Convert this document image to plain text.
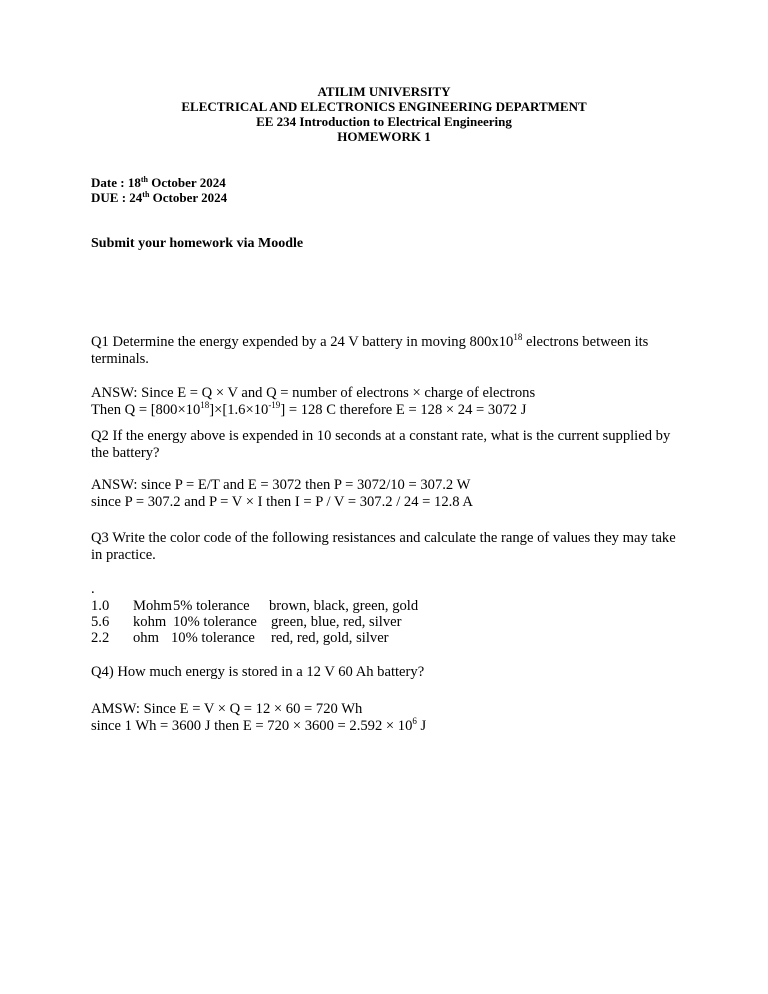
ATILIM UNIVERSITY
ELECTRICAL AND ELECTRONICS ENGINEERING DEPARTMENT
EE 234 Introduction to Electrical Engineering
HOMEWORK 1
Date : 18th October 2024
DUE : 24th October 2024
Submit your homework via Moodle

Q1 Determine the energy expended by a 24 V battery in moving $800x10^{18}$ electrons between its terminals.

ANSW: Since E = Q × V and Q = number of electrons × charge of electrons

Then $Q = [800\times 10^{18}]\times[1.6\times 10^{-19}] = 128$ C therefore E = 128 × 24 = 3072 J

Q2 If the energy above is expended in 10 seconds at a constant rate, what is the current supplied by the battery?

ANSW: since P = E/T and E = 3072 then P = 3072/10 = 307.2 W

since P = 307.2 and P = V × I then I = P / V = 307.2 / 24 = 12.8 A

Q3 Write the color code of the following resistances and calculate the range of values they may take in practice.

.
1.0	Mohm 5% tolerance	brown, black, green, gold
5.6	kohm 10% tolerance green, blue, red, silver
2.2	ohm 10% tolerance	red, red, gold, silver

Q4) How much energy is stored in a 12 V 60 Ah battery?

AMSW: Since E = V × Q = 12 × 60 = 720 Wh

since 1 Wh = 3600 J then $E = 720 \times 3600 = 2.592 \times 10^6$ J
